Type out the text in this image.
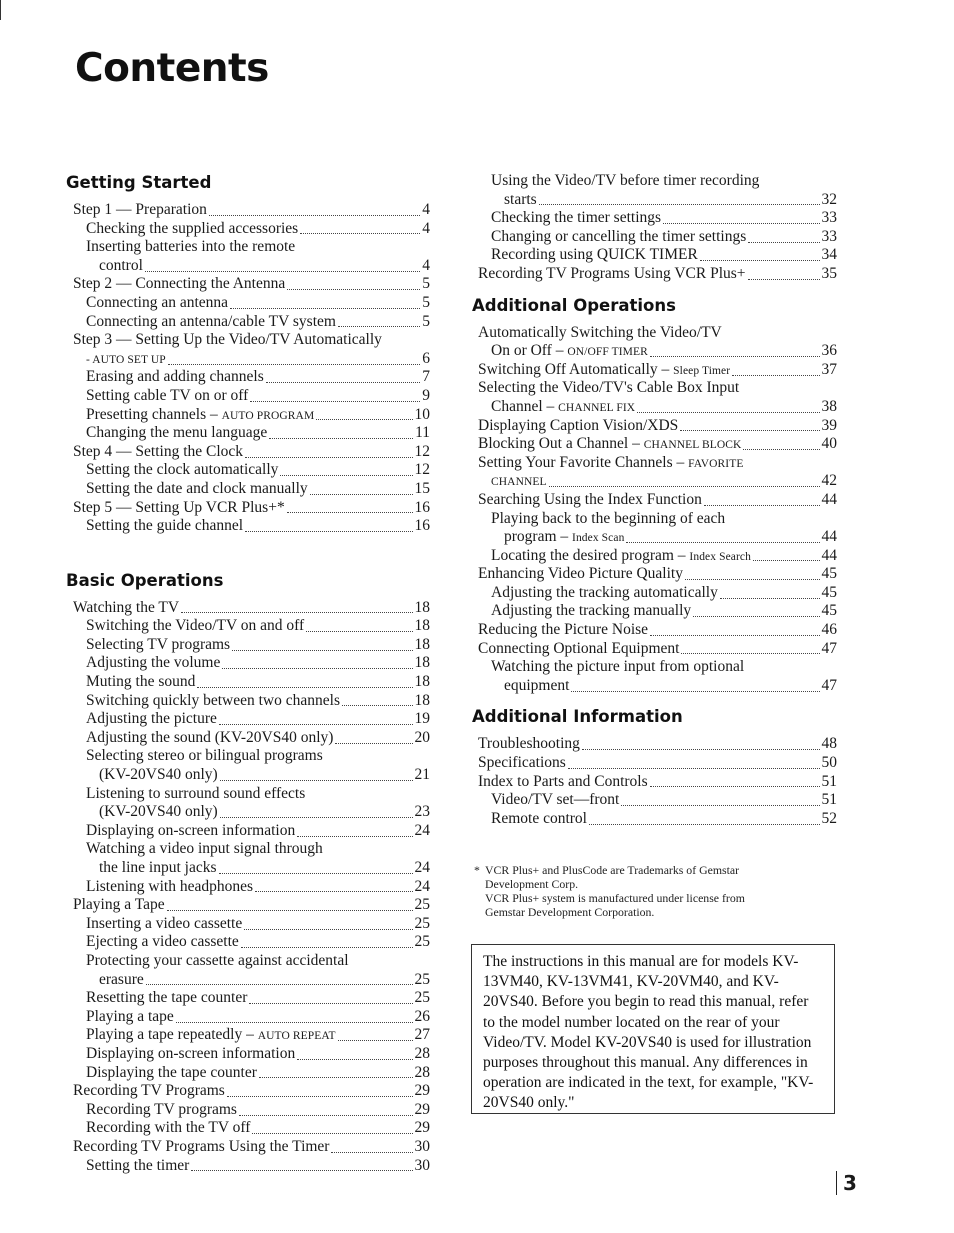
Contents
Getting Started
Step 1 — Preparation	4
Checking the supplied accessories	4
Inserting batteries into the remote
control	4
Step 2 — Connecting the Antenna	5
Connecting an antenna	5
Connecting an antenna/cable TV system	5
Step 3 — Setting Up the Video/TV Automatically
- AUTO SET UP	6
Erasing and adding channels	7
Setting cable TV on or off	9
Presetting channels – AUTO PROGRAM	10
Changing the menu language	11
Step 4 — Setting the Clock	12
Setting the clock automatically	12
Setting the date and clock manually	15
Step 5 — Setting Up VCR Plus+*	16
Setting the guide channel	16
Basic Operations
Watching the TV	18
Switching the Video/TV on and off	18
Selecting TV programs	18
Adjusting the volume	18
Muting the sound	18
Switching quickly between two channels	18
Adjusting the picture	19
Adjusting the sound (KV-20VS40 only)	20
Selecting stereo or bilingual programs
(KV-20VS40 only)	21
Listening to surround sound effects
(KV-20VS40 only)	23
Displaying on-screen information	24
Watching a video input signal through
the line input jacks	24
Listening with headphones	24
Playing a Tape	25
Inserting a video cassette	25
Ejecting a video cassette	25
Protecting your cassette against accidental
erasure	25
Resetting the tape counter	25
Playing a tape	26
Playing a tape repeatedly – AUTO REPEAT	27
Displaying on-screen information	28
Displaying the tape counter	28
Recording TV Programs	29
Recording TV programs	29
Recording with the TV off	29
Recording TV Programs Using the Timer	30
Setting the timer	30
Using the Video/TV before timer recording
starts	32
Checking the timer settings	33
Changing or cancelling the timer settings	33
Recording using QUICK TIMER	34
Recording TV Programs Using VCR Plus+	35
Additional Operations
Automatically Switching the Video/TV
On or Off – ON/OFF TIMER	36
Switching Off Automatically – Sleep Timer	37
Selecting the Video/TV's Cable Box Input
Channel – CHANNEL FIX	38
Displaying Caption Vision/XDS	39
Blocking Out a Channel – CHANNEL BLOCK	40
Setting Your Favorite Channels – FAVORITE
CHANNEL	42
Searching Using the Index Function	44
Playing back to the beginning of each
program – Index Scan	44
Locating the desired program – Index Search	44
Enhancing Video Picture Quality	45
Adjusting the tracking automatically	45
Adjusting the tracking manually	45
Reducing the Picture Noise	46
Connecting Optional Equipment	47
Watching the picture input from optional
equipment	47
Additional Information
Troubleshooting	48
Specifications	50
Index to Parts and Controls	51
Video/TV set—front	51
Remote control	52
* VCR Plus+ and PlusCode are Trademarks of Gemstar
Development Corp.
VCR Plus+ system is manufactured under license from
Gemstar Development Corporation.
The instructions in this manual are for models KV-13VM40, KV-13VM41, KV-20VM40, and KV-20VS40. Before you begin to read this manual, refer to the model number located on the rear of your Video/TV. Model KV-20VS40 is used for illustration purposes throughout this manual. Any differences in operation are indicated in the text, for example, "KV-20VS40 only."
3
